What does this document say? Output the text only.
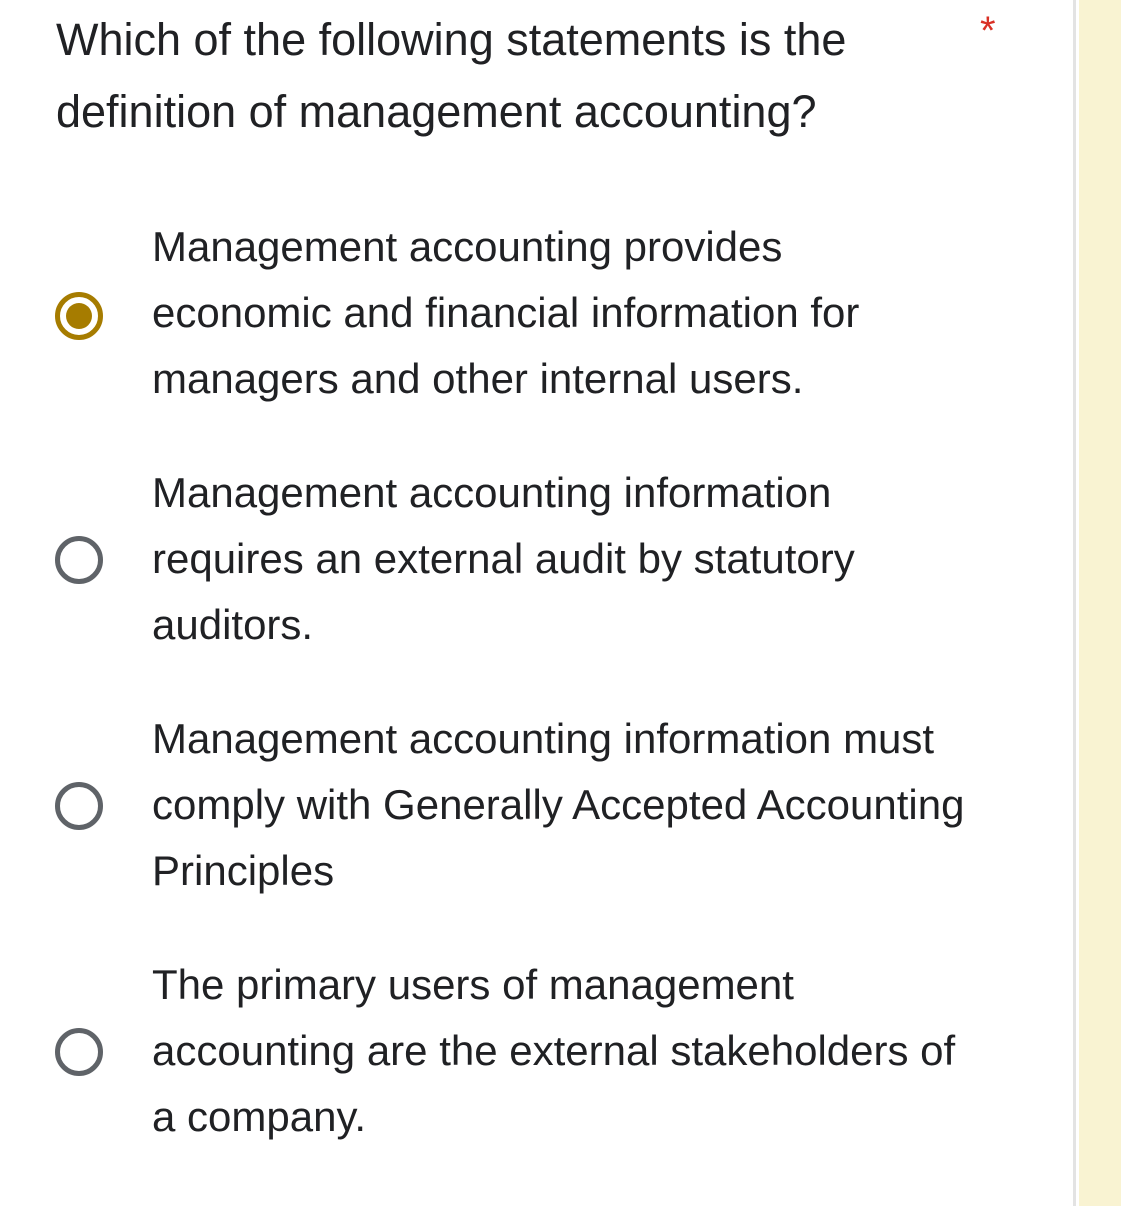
Which of the following statements is the definition of management accounting?
*
Management accounting provides economic and financial information for managers and other internal users.
Management accounting information requires an external audit by statutory auditors.
Management accounting information must comply with Generally Accepted Accounting Principles
The primary users of management accounting are the external stakeholders of a company.
